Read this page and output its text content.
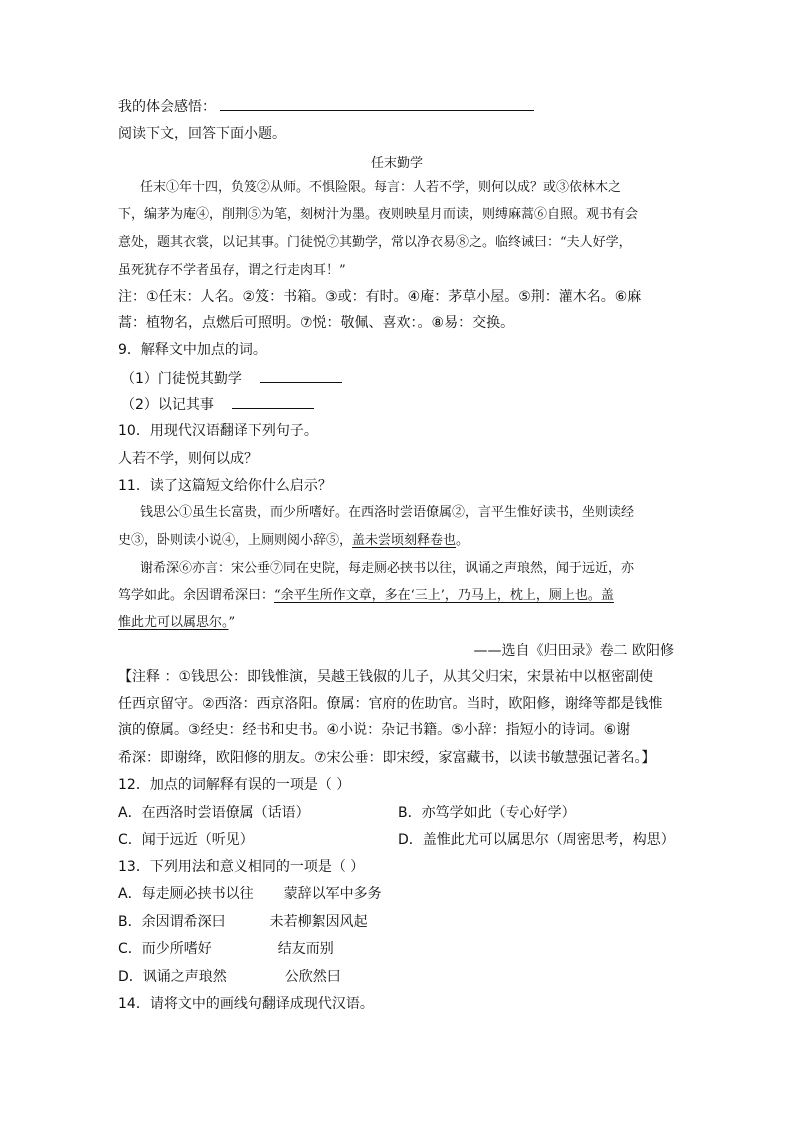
我的体会感悟：
阅读下文，回答下面小题。
任末勤学
任末①年十四，负笈②从师。不惧险限。每言：人若不学，则何以成？或③依林木之
下，编茅为庵④，削荆⑤为笔，刻树汁为墨。夜则映星月而读，则缚麻蒿⑥自照。观书有会
意处，题其衣裳，以记其事。门徒悦⑦其勤学，常以净衣易⑧之。临终诫曰：“夫人好学，
虽死犹存不学者虽存，谓之行走肉耳！”
注：①任末：人名。②笈：书箱。③或：有时。④庵：茅草小屋。⑤荆：灌木名。⑥麻
蒿：植物名，点燃后可照明。⑦悦：敬佩、喜欢：。⑧易：交换。
9．解释文中加点的词。
（1）门徒悦其勤学
（2）以记其事
10．用现代汉语翻译下列句子。
人若不学，则何以成？
11．读了这篇短文给你什么启示？
钱思公①虽生长富贵，而少所嗜好。在西洛时尝语僚属②，言平生惟好读书，坐则读经
史③，卧则读小说④，上厕则阅小辞⑤，盖未尝顷刻释卷也。
谢希深⑥亦言：宋公垂⑦同在史院，每走厕必挟书以往，讽诵之声琅然，闻于远近，亦
笃学如此。余因谓希深曰：“余平生所作文章，多在‘三上’，乃马上，枕上，厕上也。盖
惟此尤可以属思尔。”
——选自《归田录》卷二 欧阳修
【注释 ：①钱思公：即钱惟演，吴越王钱俶的儿子，从其父归宋，宋景祐中以枢密副使
任西京留守。②西洛：西京洛阳。僚属：官府的佐助官。当时，欧阳修，谢绛等都是钱惟
演的僚属。③经史：经书和史书。④小说：杂记书籍。⑤小辞：指短小的诗词。⑥谢
希深：即谢绛，欧阳修的朋友。⑦宋公垂：即宋绶，家富藏书，以读书敏慧强记著名。】
12．加点的词解释有误的一项是（ ）
A．在西洛时尝语僚属（话语）	B．亦笃学如此（专心好学）
C．闻于远近（听见）	D．盖惟此尤可以属思尔（周密思考，构思）
13．下列用法和意义相同的一项是（ ）
A．每走厕必挟书以往 蒙辞以军中多务
B．余因谓希深曰	未若柳絮因风起
C．而少所嗜好	结友而别
D．讽诵之声琅然	公欣然曰
14．请将文中的画线句翻译成现代汉语。
